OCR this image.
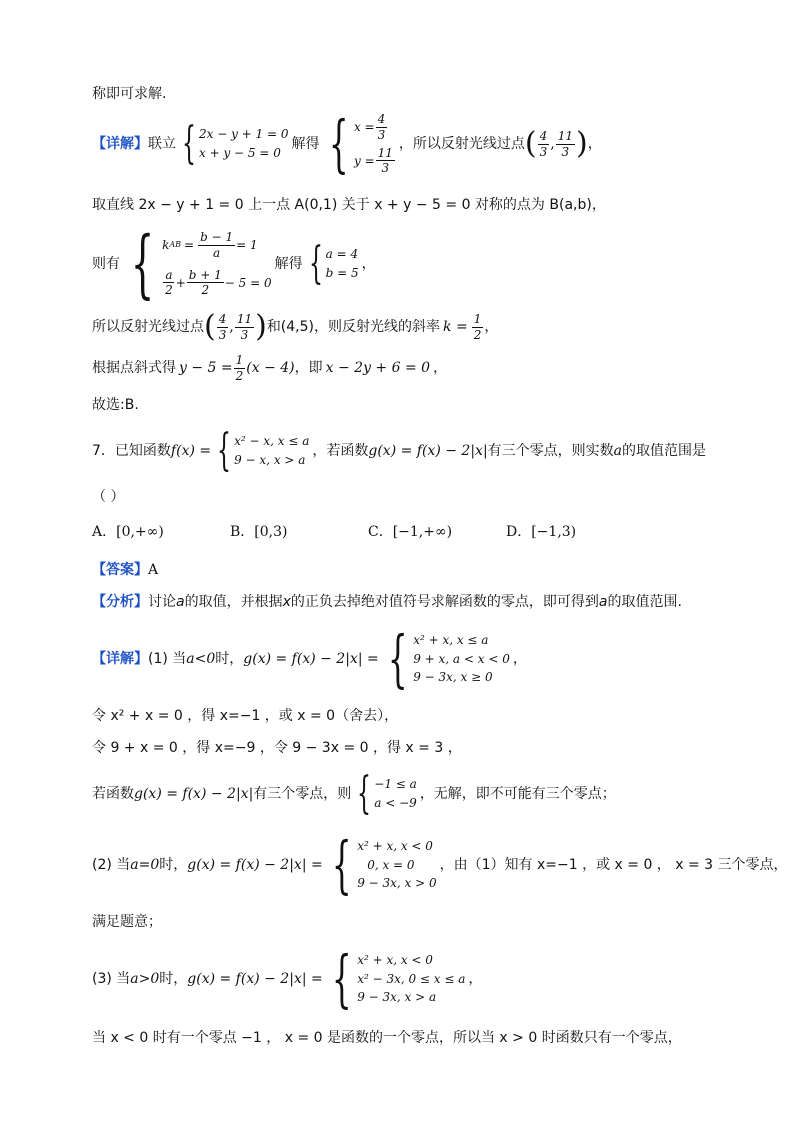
称即可求解.
【详解】 联立 { 2x − y + 1 = 0
x + y − 5 = 0
解得 { $x = \frac{4}{3}$
$y = \frac{11}{3}$
，所以反射光线过点 ( $\frac{4}{3}$ , $\frac{11}{3}$ ) ，
取直线 2x − y + 1 = 0 上一点 A(0,1) 关于 x + y − 5 = 0 对称的点为 B(a,b)，
则有 { k AB = $\frac{b - 1}{a} = 1$
$\frac{a}{2} + \frac{b + 1}{2} - 5 = 0$
解得 { a = 4
b = 5
，
所以反射光线过点 ( $\frac{4}{3}$ , $\frac{11}{3}$ ) 和(4,5)，则反射光线的斜率 $k = \frac{1}{2}$ ，
根据点斜式得 $y - 5 = \frac{1}{2} (x - 4)$ ，即 x − 2y + 6 = 0 ，
故选:B.
7．已知函数 f(x) = { x² − x, x ≤ a
9 − x, x > a
，若函数 g(x) = f(x) − 2|x| 有三个零点，则实数 a 的取值范围是
（ ）
A．[0,+∞)	B．[0,3)	C．[−1,+∞)	D．[−1,3)
【答案】 A
【分析】 讨论 a 的取值，并根据 x 的正负去掉绝对值符号求解函数的零点，即可得到 a 的取值范围.
【详解】 (1) 当 a<0 时， g(x) = f(x) − 2|x| = { x² + x, x ≤ a
9 + x, a < x < 0
9 − 3x, x ≥ 0
，
令 x² + x = 0 ，得 x=−1 ，或 x = 0（舍去），
令 9 + x = 0 ，得 x=−9 ，令 9 − 3x = 0 ，得 x = 3 ，
若函数 g(x) = f(x) − 2|x| 有三个零点，则 { −1 ≤ a
a < −9
，无解，即不可能有三个零点；
(2) 当 a=0 时， g(x) = f(x) − 2|x| = { x² + x, x < 0
0, x = 0
9 − 3x, x > 0
，由（1）知有 x=−1 ，或 x = 0 ， x = 3 三个零点，
满足题意；
(3) 当 a>0 时， g(x) = f(x) − 2|x| = { x² + x, x < 0
x² − 3x, 0 ≤ x ≤ a
9 − 3x, x > a
，
当 x < 0 时有一个零点 −1 ， x = 0 是函数的一个零点，所以当 x > 0 时函数只有一个零点，
